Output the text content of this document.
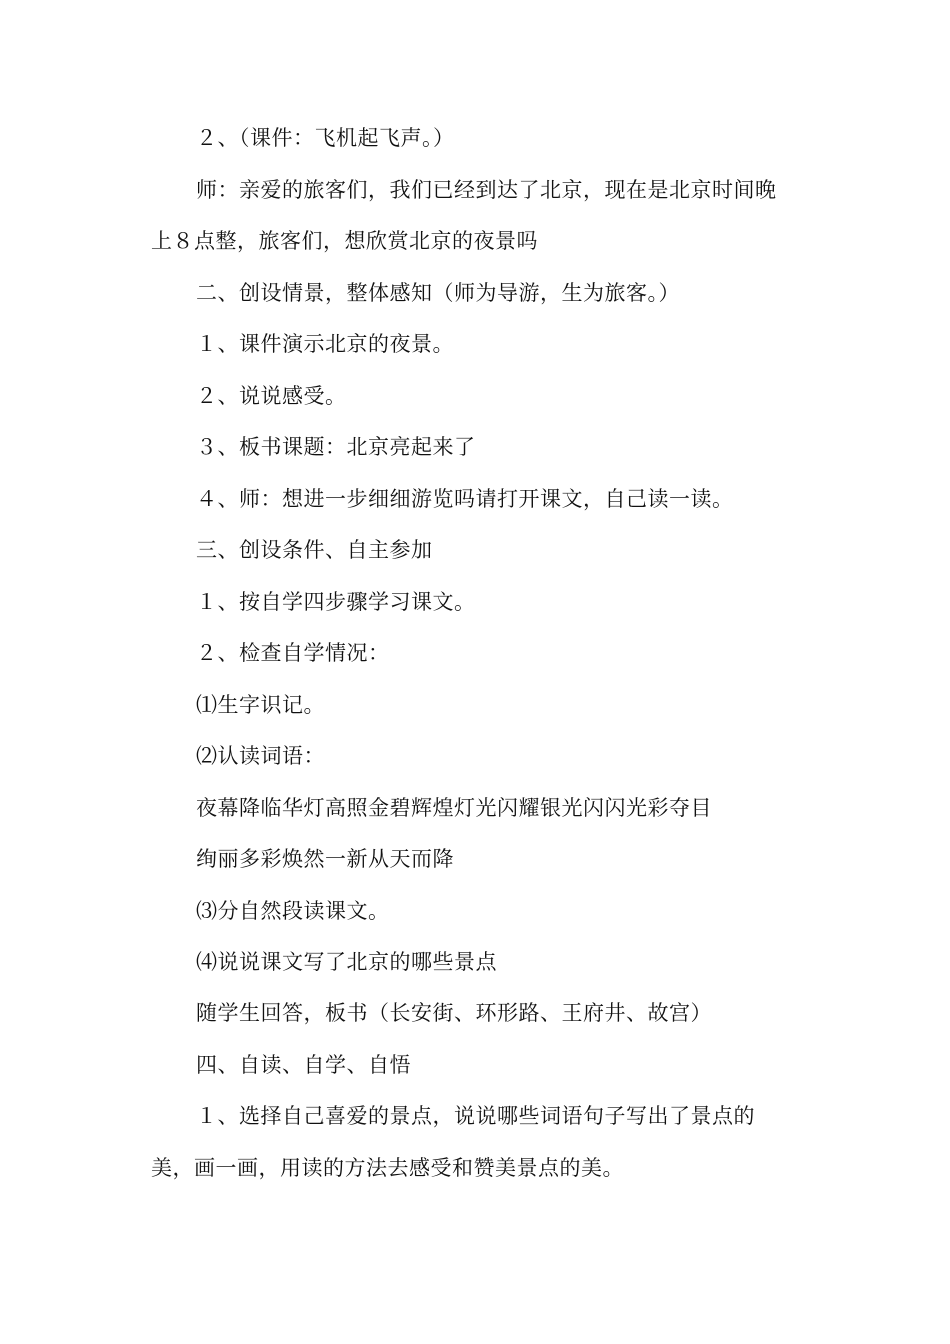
２、（课件：飞机起飞声。）
师：亲爱的旅客们，我们已经到达了北京，现在是北京时间晚
上８点整，旅客们，想欣赏北京的夜景吗
二、创设情景，整体感知（师为导游，生为旅客。）
１、课件演示北京的夜景。
２、说说感受。
３、板书课题：北京亮起来了
４、师：想进一步细细游览吗请打开课文，自己读一读。
三、创设条件、自主参加
１、按自学四步骤学习课文。
２、检查自学情况：
⑴生字识记。
⑵认读词语：
夜幕降临华灯高照金碧辉煌灯光闪耀银光闪闪光彩夺目
绚丽多彩焕然一新从天而降
⑶分自然段读课文。
⑷说说课文写了北京的哪些景点
随学生回答，板书（长安街、环形路、王府井、故宫）
四、自读、自学、自悟
１、选择自己喜爱的景点，说说哪些词语句子写出了景点的
美，画一画，用读的方法去感受和赞美景点的美。
